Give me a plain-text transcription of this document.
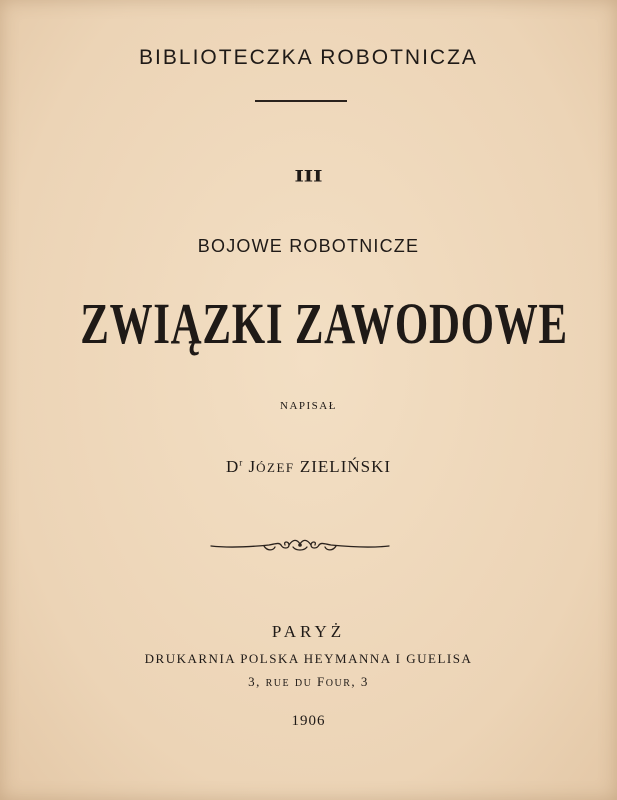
BIBLIOTECZKA ROBOTNICZA
III
BOJOWE ROBOTNICZE
ZWIĄZKI ZAWODOWE
NAPISAŁ
$D^r$ JÓZEF ZIELIŃSKI
PARYŻ
DRUKARNIA POLSKA HEYMANNA I GUELISA
3, RUE DU FOUR, 3
1906
